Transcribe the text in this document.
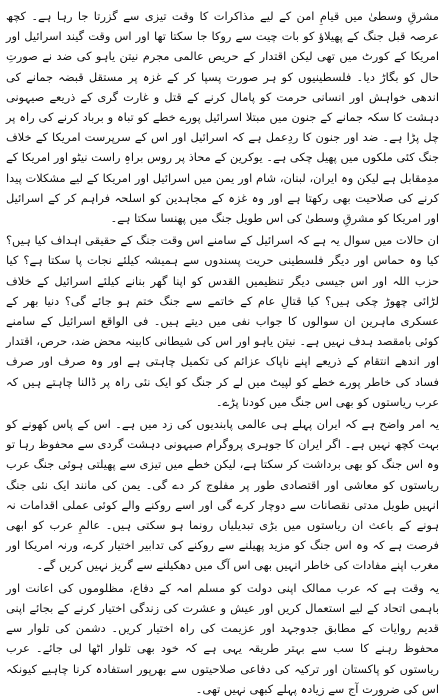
مشرقِ وسطیٰ میں قیامِ امن کے لیے مذاکرات کا وقت تیزی سے گزرتا جا رہا ہے۔ کچھ عرصہ قبل جنگ کے پھیلاؤ کو بات چیت سے روکا جا سکتا تھا اور اس وقت گیند اسرائیل اور امریکا کے کورٹ میں تھی لیکن اقتدار کے حریص عالمی مجرم نیتن یاہو کی ضد نے صورتِ حال کو بگاڑ دیا۔ فلسطینیوں کو ہر صورت پسپا کر کے غزہ پر مستقل قبضہ جمانے کی اندھی خواہش اور انسانی حرمت کو پامال کرنے کے قتل و غارت گری کے ذریعے صیہونی دہشت کا سکہ جمانے کے جنون میں مبتلا اسرائیل پورے خطے کو تباہ و برباد کرنے کی راہ پر چل پڑا ہے۔ ضد اور جنون کا ردِعمل ہے کہ اسرائیل اور اس کے سرپرست امریکا کے خلاف جنگ کئی ملکوں میں پھیل چکی ہے۔ یوکرین کے محاذ پر روس براہِ راست نیٹو اور امریکا کے مدِمقابل ہے لیکن وہ ایران، لبنان، شام اور یمن میں اسرائیل اور امریکا کے لیے مشکلات پیدا کرنے کی صلاحیت بھی رکھتا ہے اور وہ غزہ کے مجاہدین کو اسلحہ فراہم کر کے اسرائیل اور امریکا کو مشرقِ وسطیٰ کی اس طویل جنگ میں پھنسا سکتا ہے۔

ان حالات میں سوال یہ ہے کہ اسرائیل کے سامنے اس وقت جنگ کے حقیقی اہداف کیا ہیں؟ کیا وہ حماس اور دیگر فلسطینی حریت پسندوں سے ہمیشہ کیلئے نجات پا سکتا ہے؟ کیا حزب اللہ اور اس جیسی دیگر تنظیمیں القدس کو اپنا گھر بنانے کیلئے اسرائیل کے خلاف لڑائی چھوڑ چکی ہیں؟ کیا قتالِ عام کے خاتمے سے جنگ ختم ہو جائے گی؟ دنیا بھر کے عسکری ماہرین ان سوالوں کا جواب نفی میں دیتے ہیں۔ فی الواقع اسرائیل کے سامنے کوئی بامقصد ہدف نہیں ہے۔ نیتن یاہو اور اس کی شیطانی کابینہ محض ضد، حرص، اقتدار اور اندھے انتقام کے ذریعے اپنے ناپاک عزائم کی تکمیل چاہتی ہے اور وہ صرف اور صرف فساد کی خاطر پورے خطے کو لپیٹ میں لے کر جنگ کو ایک نئی راہ پر ڈالنا چاہتے ہیں کہ عرب ریاستوں کو بھی اس جنگ میں کودنا پڑے۔

یہ امر واضح ہے کہ ایران پہلے ہی عالمی پابندیوں کی زد میں ہے۔ اس کے پاس کھونے کو بہت کچھ نہیں ہے۔ اگر ایران کا جوہری پروگرام صیہونی دہشت گردی سے محفوظ رہا تو وہ اس جنگ کو بھی برداشت کر سکتا ہے، لیکن خطے میں تیزی سے پھیلتی ہوئی جنگ عرب ریاستوں کو معاشی اور اقتصادی طور پر مفلوج کر دے گی۔ یمن کی مانند ایک نئی جنگ انہیں طویل مدتی نقصانات سے دوچار کرے گی اور اسے روکنے والے کوئی عملی اقدامات نہ ہونے کے باعث ان ریاستوں میں بڑی تبدیلیاں رونما ہو سکتی ہیں۔ عالمِ عرب کو ابھی فرصت ہے کہ وہ اس جنگ کو مزید پھیلنے سے روکنے کی تدابیر اختیار کرے، ورنہ امریکا اور مغرب اپنے مفادات کی خاطر انہیں بھی اس آگ میں دھکیلنے سے گریز نہیں کریں گے۔

یہ وقت ہے کہ عرب ممالک اپنی دولت کو مسلم امہ کے دفاع، مظلوموں کی اعانت اور باہمی اتحاد کے لیے استعمال کریں اور عیش و عشرت کی زندگی اختیار کرنے کے بجائے اپنی قدیم روایات کے مطابق جدوجہد اور عزیمت کی راہ اختیار کریں۔ دشمن کی تلوار سے محفوظ رہنے کا سب سے بہتر طریقہ یہی ہے کہ خود بھی تلوار اٹھا لی جائے۔ عرب ریاستوں کو پاکستان اور ترکیہ کی دفاعی صلاحیتوں سے بھرپور استفادہ کرنا چاہیے کیونکہ اس کی ضرورت آج سے زیادہ پہلے کبھی نہیں تھی۔
